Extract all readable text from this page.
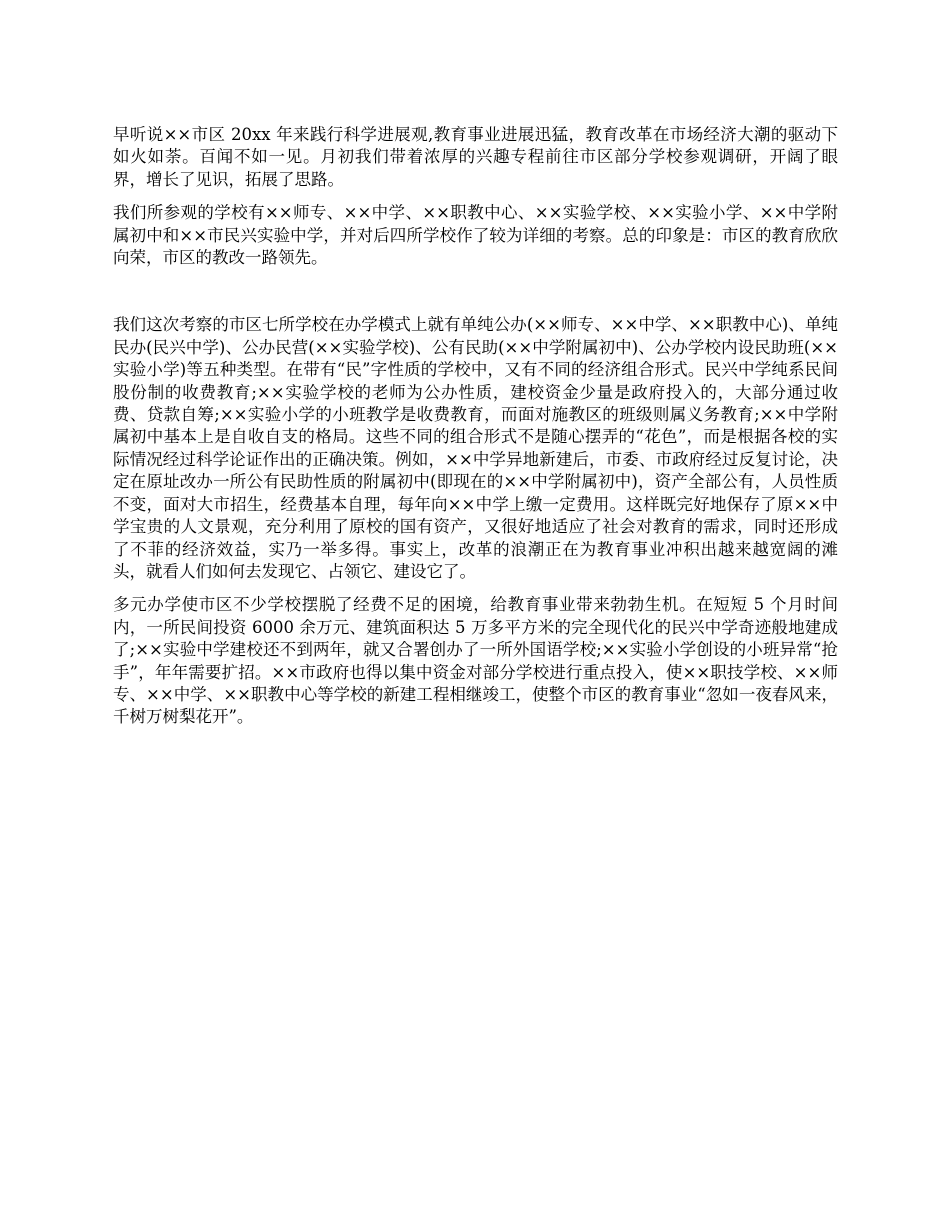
早听说××市区 20xx 年来践行科学进展观,教育事业进展迅猛，教育改革在市场经济大潮的驱动下如火如荼。百闻不如一见。月初我们带着浓厚的兴趣专程前往市区部分学校参观调研，开阔了眼界，增长了见识，拓展了思路。

我们所参观的学校有××师专、××中学、××职教中心、××实验学校、××实验小学、××中学附属初中和××市民兴实验中学，并对后四所学校作了较为详细的考察。总的印象是：市区的教育欣欣向荣，市区的教改一路领先。

我们这次考察的市区七所学校在办学模式上就有单纯公办(××师专、××中学、××职教中心)、单纯民办(民兴中学)、公办民营(××实验学校)、公有民助(××中学附属初中)、公办学校内设民助班(××实验小学)等五种类型。在带有“民”字性质的学校中，又有不同的经济组合形式。民兴中学纯系民间股份制的收费教育;××实验学校的老师为公办性质，建校资金少量是政府投入的，大部分通过收费、贷款自筹;××实验小学的小班教学是收费教育，而面对施教区的班级则属义务教育;××中学附属初中基本上是自收自支的格局。这些不同的组合形式不是随心摆弄的“花色”，而是根据各校的实际情况经过科学论证作出的正确决策。例如，××中学异地新建后，市委、市政府经过反复讨论，决定在原址改办一所公有民助性质的附属初中(即现在的××中学附属初中)，资产全部公有，人员性质不变，面对大市招生，经费基本自理，每年向××中学上缴一定费用。这样既完好地保存了原××中学宝贵的人文景观，充分利用了原校的国有资产，又很好地适应了社会对教育的需求，同时还形成了不菲的经济效益，实乃一举多得。事实上，改革的浪潮正在为教育事业冲积出越来越宽阔的滩头，就看人们如何去发现它、占领它、建设它了。

多元办学使市区不少学校摆脱了经费不足的困境，给教育事业带来勃勃生机。在短短 5 个月时间内，一所民间投资 6000 余万元、建筑面积达 5 万多平方米的完全现代化的民兴中学奇迹般地建成了;××实验中学建校还不到两年，就又合署创办了一所外国语学校;××实验小学创设的小班异常“抢手”，年年需要扩招。××市政府也得以集中资金对部分学校进行重点投入，使××职技学校、××师专、××中学、××职教中心等学校的新建工程相继竣工，使整个市区的教育事业“忽如一夜春风来，千树万树梨花开”。
